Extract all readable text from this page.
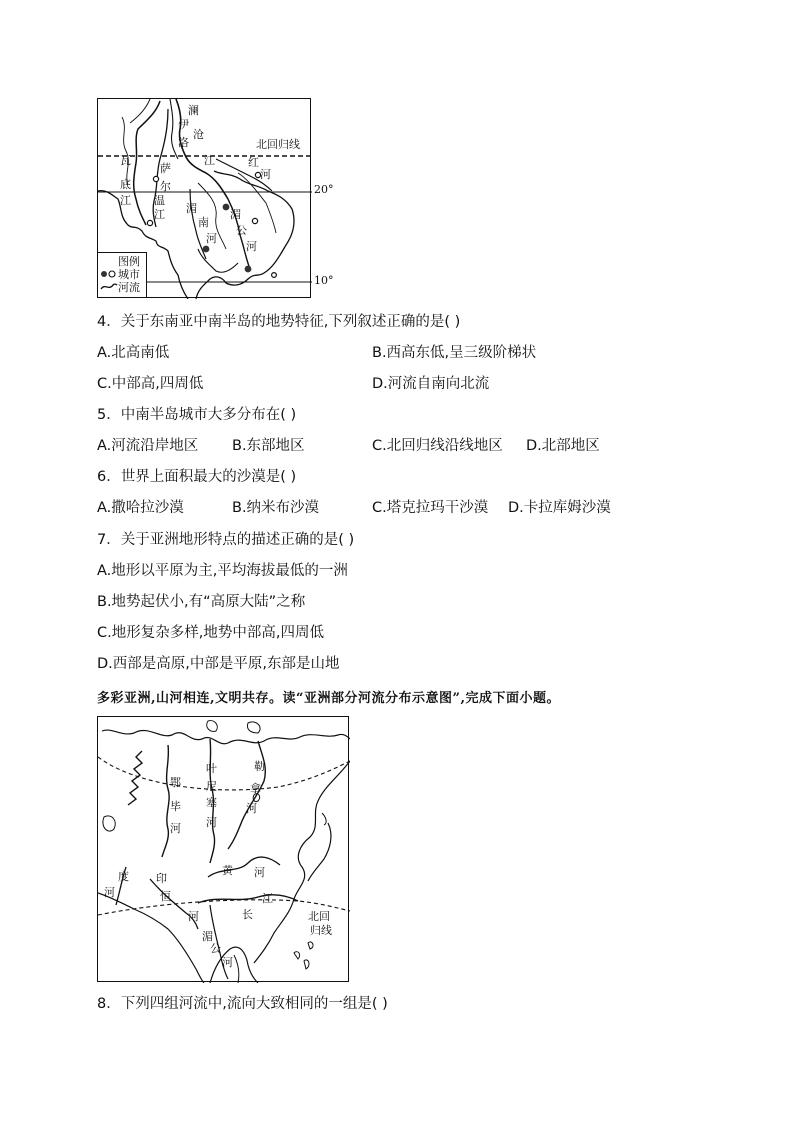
澜
沧
伊
洛
瓦
底
江
萨
尔
温
江
江	红
河
湄
南
河
湄
公
河
北回归线
图例
城市
河流
20°
10°
4．关于东南亚中南半岛的地势特征,下列叙述正确的是( )
A.北高南低	B.西高东低,呈三级阶梯状
C.中部高,四周低	D.河流自南向北流
5．中南半岛城市大多分布在( )
A.河流沿岸地区 B.东部地区	C.北回归线沿线地区 D.北部地区
6．世界上面积最大的沙漠是( )
A.撒哈拉沙漠	B.纳米布沙漠	C.塔克拉玛干沙漠 D.卡拉库姆沙漠
7．关于亚洲地形特点的描述正确的是( )
A.地形以平原为主,平均海拔最低的一洲
B.地势起伏小,有“高原大陆”之称
C.地形复杂多样,地势中部高,四周低
D.西部是高原,中部是平原,东部是山地
多彩亚洲,山河相连,文明共存。读“亚洲部分河流分布示意图”,完成下面小题。
鄂
毕
河
叶
尼
塞
河
勒
拿
河
度 印
河	恒
河
黄 河
长
江
湄
公
河
北回
归线
8．下列四组河流中,流向大致相同的一组是( )
